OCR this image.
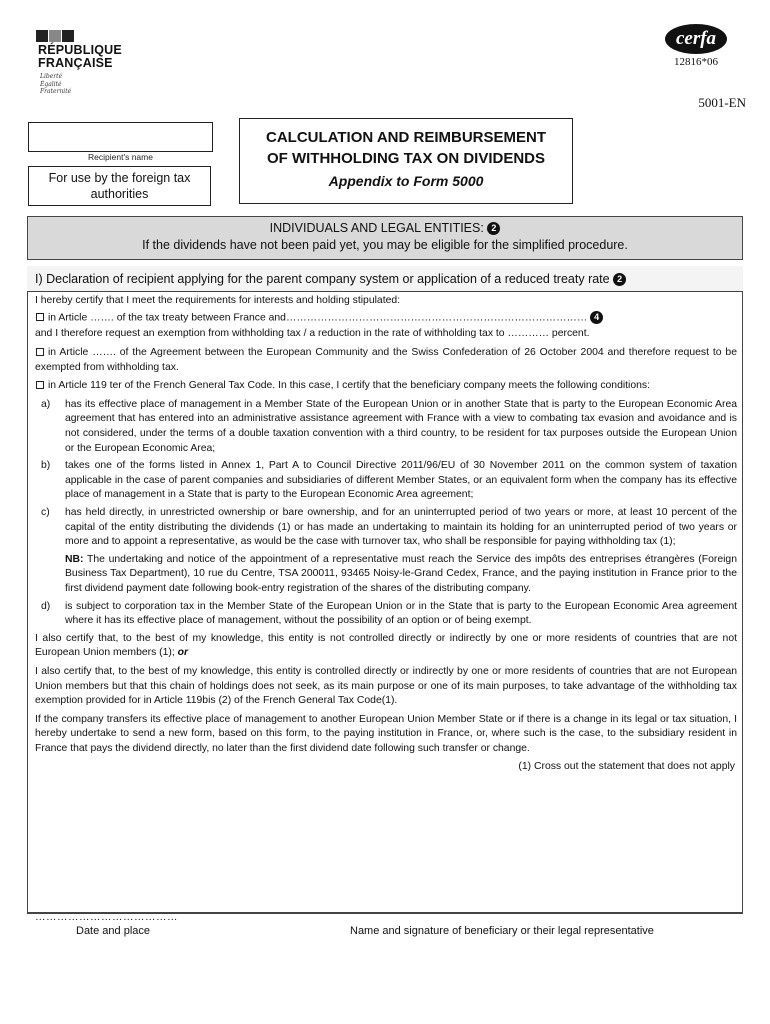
RÉPUBLIQUE
FRANÇAISE
Liberté
Égalité
Fraternité
cerfa
12816*06
5001-EN
Recipient's name
For use by the foreign tax
authorities
CALCULATION AND REIMBURSEMENT
OF WITHHOLDING TAX ON DIVIDENDS
Appendix to Form 5000
INDIVIDUALS AND LEGAL ENTITIES: 2
If the dividends have not been paid yet, you may be eligible for the simplified procedure.
I) Declaration of recipient applying for the parent company system or application of a reduced treaty rate 2

I hereby certify that I meet the requirements for interests and holding stipulated:

in Article ……. of the tax treaty between France and…………………………………………………………………………… 4

and I therefore request an exemption from withholding tax / a reduction in the rate of withholding tax to ………… percent.

in Article ……. of the Agreement between the European Community and the Swiss Confederation of 26 October 2004 and therefore request to be exempted from withholding tax.

in Article 119 ter of the French General Tax Code. In this case, I certify that the beneficiary company meets the following conditions:

a)	has its effective place of management in a Member State of the European Union or in another State that is party to the European Economic Area agreement that has entered into an administrative assistance agreement with France with a view to combating tax evasion and avoidance and is not considered, under the terms of a double taxation convention with a third country, to be resident for tax purposes outside the European Union or the European Economic Area;
b)	takes one of the forms listed in Annex 1, Part A to Council Directive 2011/96/EU of 30 November 2011 on the common system of taxation applicable in the case of parent companies and subsidiaries of different Member States, or an equivalent form when the company has its effective place of management in a State that is party to the European Economic Area agreement;
c)	has held directly, in unrestricted ownership or bare ownership, and for an uninterrupted period of two years or more, at least 10 percent of the capital of the entity distributing the dividends (1) or has made an undertaking to maintain its holding for an uninterrupted period of two years or more and to appoint a representative, as would be the case with turnover tax, who shall be responsible for paying withholding tax (1);
NB: The undertaking and notice of the appointment of a representative must reach the Service des impôts des entreprises étrangères (Foreign Business Tax Department), 10 rue du Centre, TSA 200011, 93465 Noisy-le-Grand Cedex, France, and the paying institution in France prior to the first dividend payment date following book-entry registration of the shares of the distributing company.
d)	is subject to corporation tax in the Member State of the European Union or in the State that is party to the European Economic Area agreement where it has its effective place of management, without the possibility of an option or of being exempt.

I also certify that, to the best of my knowledge, this entity is not controlled directly or indirectly by one or more residents of countries that are not European Union members (1); or

I also certify that, to the best of my knowledge, this entity is controlled directly or indirectly by one or more residents of countries that are not European Union members but that this chain of holdings does not seek, as its main purpose or one of its main purposes, to take advantage of the withholding tax exemption provided for in Article 119bis (2) of the French General Tax Code(1).

If the company transfers its effective place of management to another European Union Member State or if there is a change in its legal or tax situation, I hereby undertake to send a new form, based on this form, to the paying institution in France, or, where such is the case, to the subsidiary resident in France that pays the dividend directly, no later than the first dividend date following such transfer or change.

(1) Cross out the statement that does not apply

…………………………………
Date and place	Name and signature of beneficiary or their legal representative
